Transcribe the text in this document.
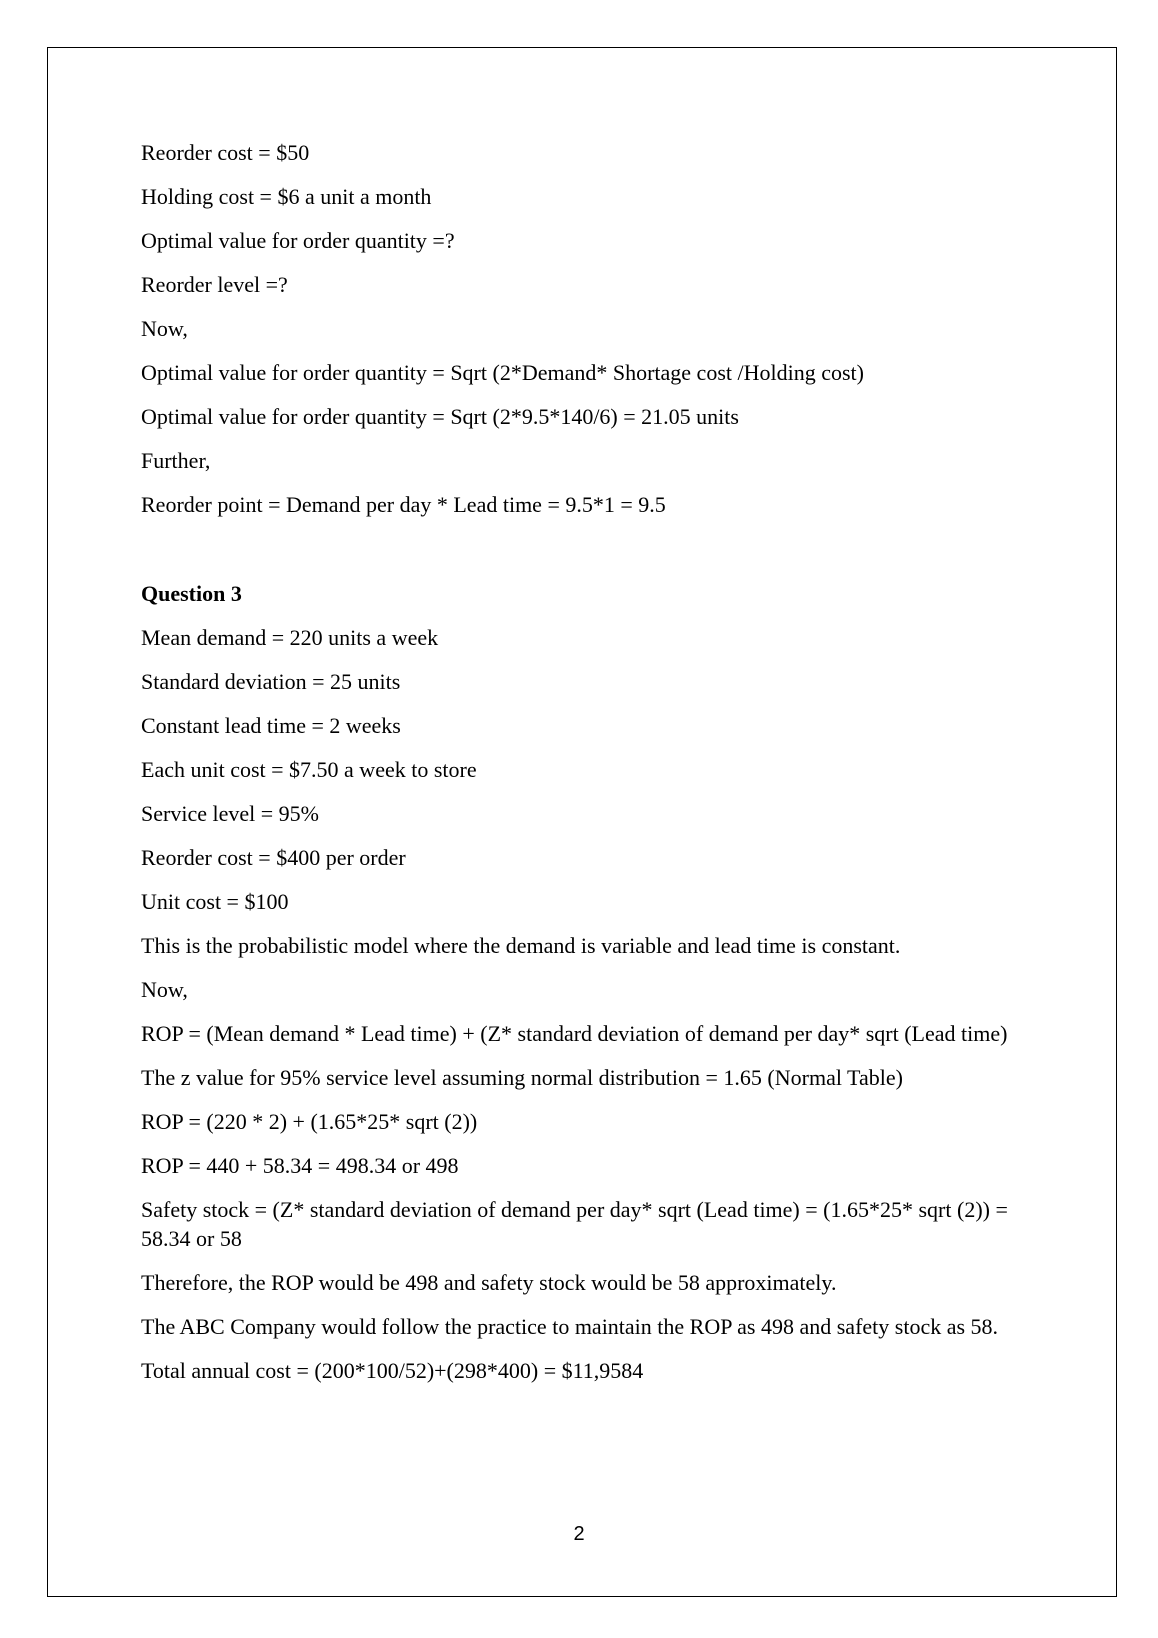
Reorder cost = $50

Holding cost = $6 a unit a month

Optimal value for order quantity =?

Reorder level =?

Now,

Optimal value for order quantity = Sqrt (2*Demand* Shortage cost /Holding cost)

Optimal value for order quantity = Sqrt (2*9.5*140/6) = 21.05 units

Further,

Reorder point = Demand per day * Lead time = 9.5*1 = 9.5

Question 3

Mean demand = 220 units a week

Standard deviation = 25 units

Constant lead time = 2 weeks

Each unit cost = $7.50 a week to store

Service level = 95%

Reorder cost = $400 per order

Unit cost = $100

This is the probabilistic model where the demand is variable and lead time is constant.

Now,

ROP = (Mean demand * Lead time) + (Z* standard deviation of demand per day* sqrt (Lead time)

The z value for 95% service level assuming normal distribution = 1.65 (Normal Table)

ROP = (220 * 2) + (1.65*25* sqrt (2))

ROP = 440 + 58.34 = 498.34 or 498

Safety stock = (Z* standard deviation of demand per day* sqrt (Lead time) = (1.65*25* sqrt (2)) = 58.34 or 58

Therefore, the ROP would be 498 and safety stock would be 58 approximately.

The ABC Company would follow the practice to maintain the ROP as 498 and safety stock as 58.

Total annual cost = (200*100/52)+(298*400) = $11,9584

2
